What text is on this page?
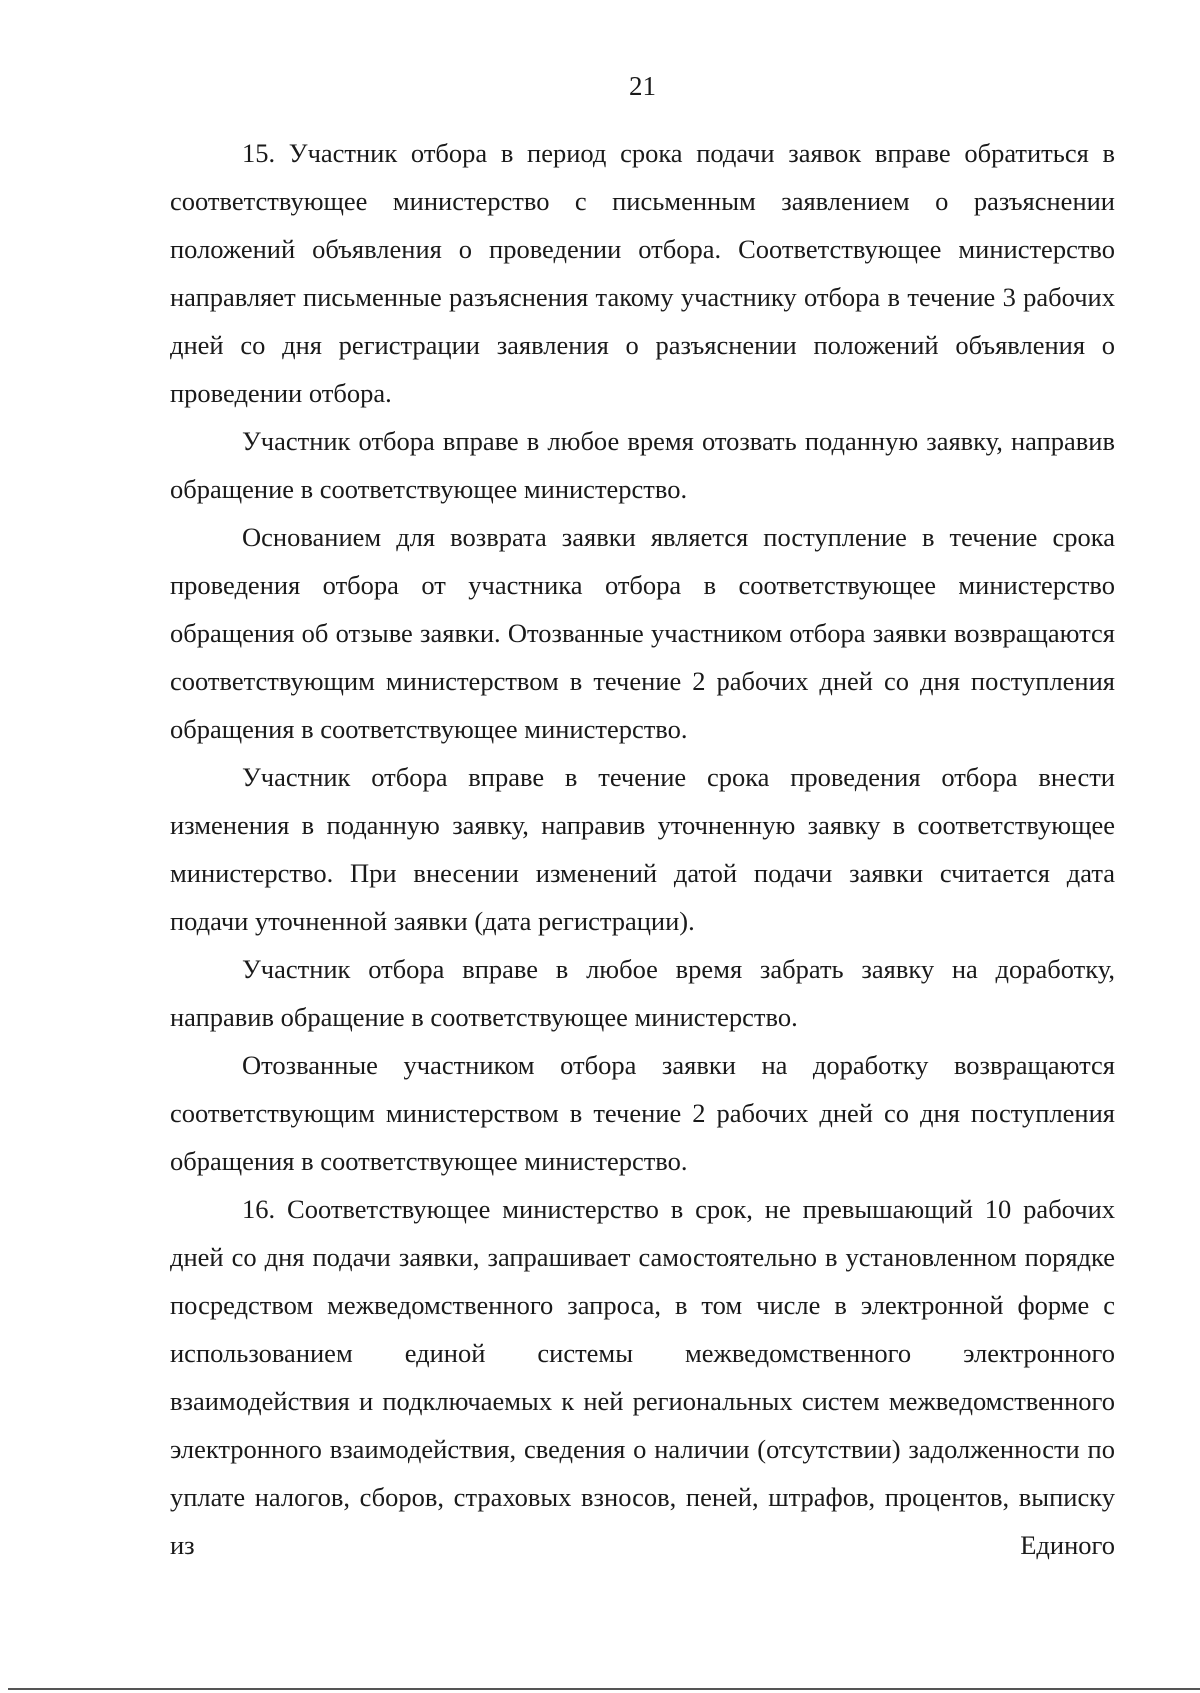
21

15. Участник отбора в период срока подачи заявок вправе обратиться в соответствующее министерство с письменным заявлением о разъяснении положений объявления о проведении отбора. Соответствующее министерство направляет письменные разъяснения такому участнику отбора в течение 3 рабочих дней со дня регистрации заявления о разъяснении положений объявления о проведении отбора.

Участник отбора вправе в любое время отозвать поданную заявку, направив обращение в соответствующее министерство.

Основанием для возврата заявки является поступление в течение срока проведения отбора от участника отбора в соответствующее министерство обращения об отзыве заявки. Отозванные участником отбора заявки возвращаются соответствующим министерством в течение 2 рабочих дней со дня поступления обращения в соответствующее министерство.

Участник отбора вправе в течение срока проведения отбора внести изменения в поданную заявку, направив уточненную заявку в соответствующее министерство. При внесении изменений датой подачи заявки считается дата подачи уточненной заявки (дата регистрации).

Участник отбора вправе в любое время забрать заявку на доработку, направив обращение в соответствующее министерство.

Отозванные участником отбора заявки на доработку возвращаются соответствующим министерством в течение 2 рабочих дней со дня поступления обращения в соответствующее министерство.

16. Соответствующее министерство в срок, не превышающий 10 рабочих дней со дня подачи заявки, запрашивает самостоятельно в установленном порядке посредством межведомственного запроса, в том числе в электронной форме с использованием единой системы межведомственного электронного взаимодействия и подключаемых к ней региональных систем межведомственного электронного взаимодействия, сведения о наличии (отсутствии) задолженности по уплате налогов, сборов, страховых взносов, пеней, штрафов, процентов, выписку из Единого
